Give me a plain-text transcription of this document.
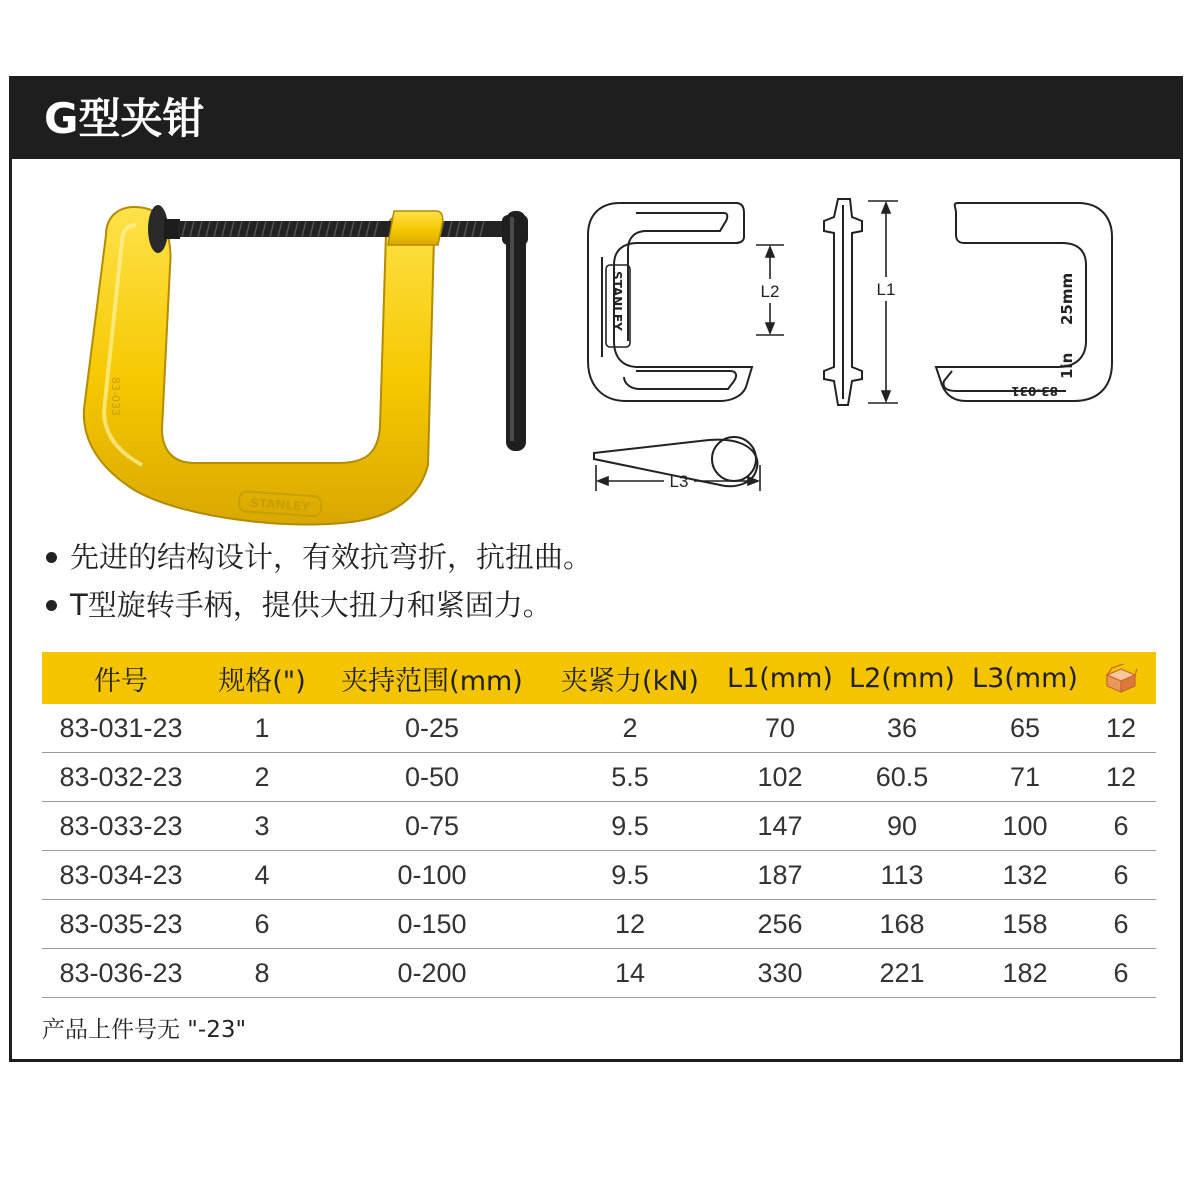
G型夹钳
STANLEY
83-033
STANLEY	25mm
1in
83-031
L2	L1
L3
先进的结构设计，有效抗弯折，抗扭曲。
T型旋转手柄，提供大扭力和紧固力。
件号	规格(")	夹持范围(mm)	夹紧力(kN)	L1(mm)	L2(mm)	L3(mm)	
83-031-23	1	0-25	2	70	36	65	12
83-032-23	2	0-50	5.5	102	60.5	71	12
83-033-23	3	0-75	9.5	147	90	100	6
83-034-23	4	0-100	9.5	187	113	132	6
83-035-23	6	0-150	12	256	168	158	6
83-036-23	8	0-200	14	330	221	182	6
产品上件号无 "-23"
